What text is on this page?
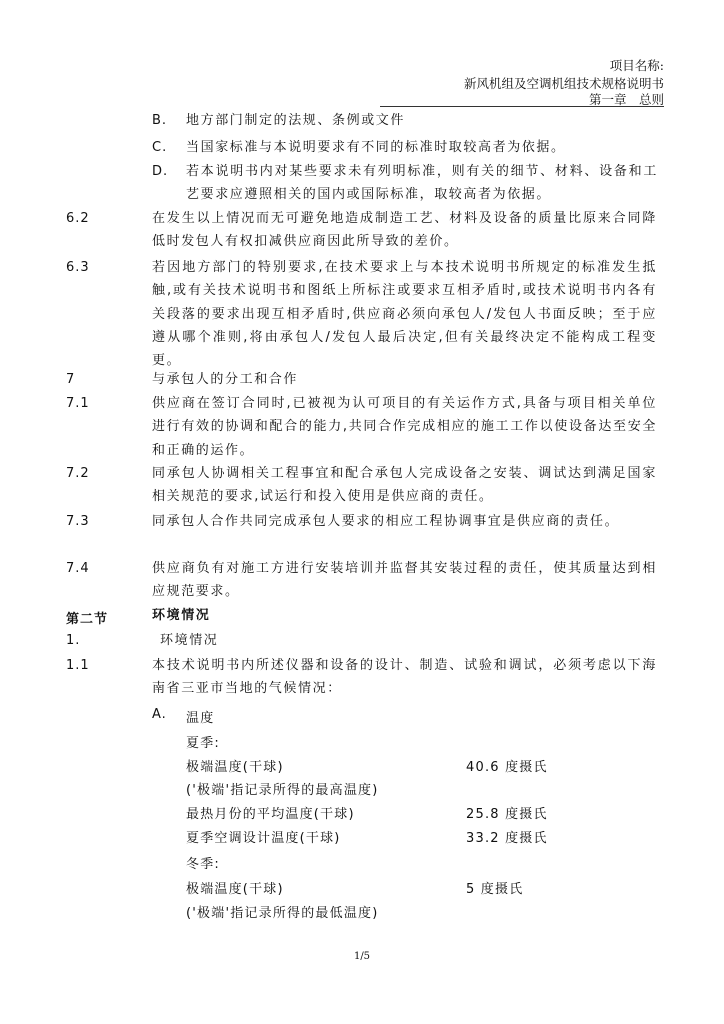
项目名称:
新风机组及空调机组技术规格说明书
第一章　总则
B. 地方部门制定的法规、条例或文件
C. 当国家标准与本说明要求有不同的标准时取较高者为依据。
D. 若本说明书内对某些要求未有列明标准，则有关的细节、材料、设备和工艺要求应遵照相关的国内或国际标准，取较高者为依据。
6.2	在发生以上情况而无可避免地造成制造工艺、材料及设备的质量比原来合同降低时发包人有权扣减供应商因此所导致的差价。
6.3	若因地方部门的特别要求,在技术要求上与本技术说明书所规定的标准发生抵触,或有关技术说明书和图纸上所标注或要求互相矛盾时,或技术说明书内各有关段落的要求出现互相矛盾时,供应商必须向承包人/发包人书面反映；至于应遵从哪个准则,将由承包人/发包人最后决定,但有关最终决定不能构成工程变更。
7	与承包人的分工和合作
7.1	供应商在签订合同时,已被视为认可项目的有关运作方式,具备与项目相关单位进行有效的协调和配合的能力,共同合作完成相应的施工工作以使设备达至安全和正确的运作。
7.2	同承包人协调相关工程事宜和配合承包人完成设备之安装、调试达到满足国家相关规范的要求,试运行和投入使用是供应商的责任。
7.3	同承包人合作共同完成承包人要求的相应工程协调事宜是供应商的责任。
7.4	供应商负有对施工方进行安装培训并监督其安装过程的责任，使其质量达到相应规范要求。
第二节	环境情况
1.	环境情况
1.1	本技术说明书内所述仪器和设备的设计、制造、试验和调试，必须考虑以下海南省三亚市当地的气候情况：
A. 温度
夏季:
极端温度(干球)	40.6 度摄氏
('极端'指记录所得的最高温度)
最热月份的平均温度(干球)	25.8 度摄氏
夏季空调设计温度(干球)	33.2 度摄氏
冬季:
极端温度(干球)	5 度摄氏
('极端'指记录所得的最低温度)
1/5
